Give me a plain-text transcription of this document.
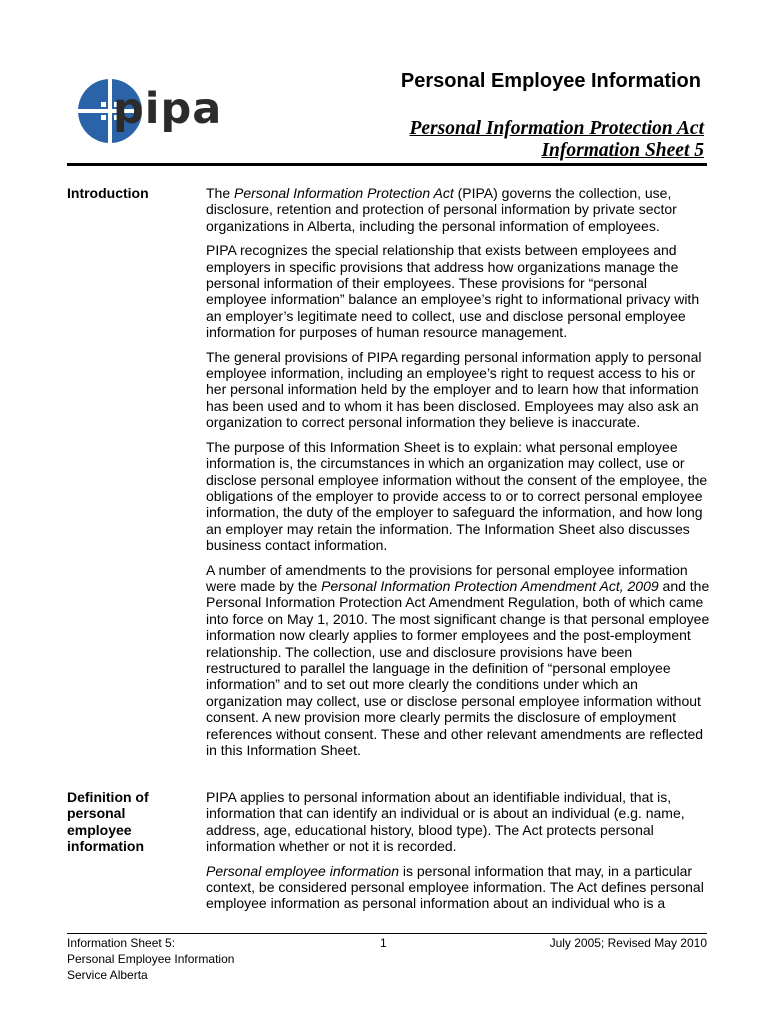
pipa
Personal Employee Information
Personal Information Protection Act
Information Sheet 5
Introduction	The Personal Information Protection Act (PIPA) governs the collection, use, disclosure, retention and protection of personal information by private sector organizations in Alberta, including the personal information of employees.

PIPA recognizes the special relationship that exists between employees and employers in specific provisions that address how organizations manage the personal information of their employees. These provisions for “personal employee information” balance an employee’s right to informational privacy with an employer’s legitimate need to collect, use and disclose personal employee information for purposes of human resource management.

The general provisions of PIPA regarding personal information apply to personal employee information, including an employee’s right to request access to his or her personal information held by the employer and to learn how that information has been used and to whom it has been disclosed. Employees may also ask an organization to correct personal information they believe is inaccurate.

The purpose of this Information Sheet is to explain: what personal employee information is, the circumstances in which an organization may collect, use or disclose personal employee information without the consent of the employee, the obligations of the employer to provide access to or to correct personal employee information, the duty of the employer to safeguard the information, and how long an employer may retain the information. The Information Sheet also discusses business contact information.

A number of amendments to the provisions for personal employee information were made by the Personal Information Protection Amendment Act, 2009 and the Personal Information Protection Act Amendment Regulation, both of which came into force on May 1, 2010. The most significant change is that personal employee information now clearly applies to former employees and the post-employment relationship. The collection, use and disclosure provisions have been restructured to parallel the language in the definition of “personal employee information” and to set out more clearly the conditions under which an organization may collect, use or disclose personal employee information without consent. A new provision more clearly permits the disclosure of employment references without consent. These and other relevant amendments are reflected in this Information Sheet.

Definition of
personal
employee
information

PIPA applies to personal information about an identifiable individual, that is, information that can identify an individual or is about an individual (e.g. name, address, age, educational history, blood type). The Act protects personal information whether or not it is recorded.

Personal employee information is personal information that may, in a particular context, be considered personal employee information. The Act defines personal employee information as personal information about an individual who is a

Information Sheet 5:
Personal Employee Information
Service Alberta
1	July 2005; Revised May 2010
